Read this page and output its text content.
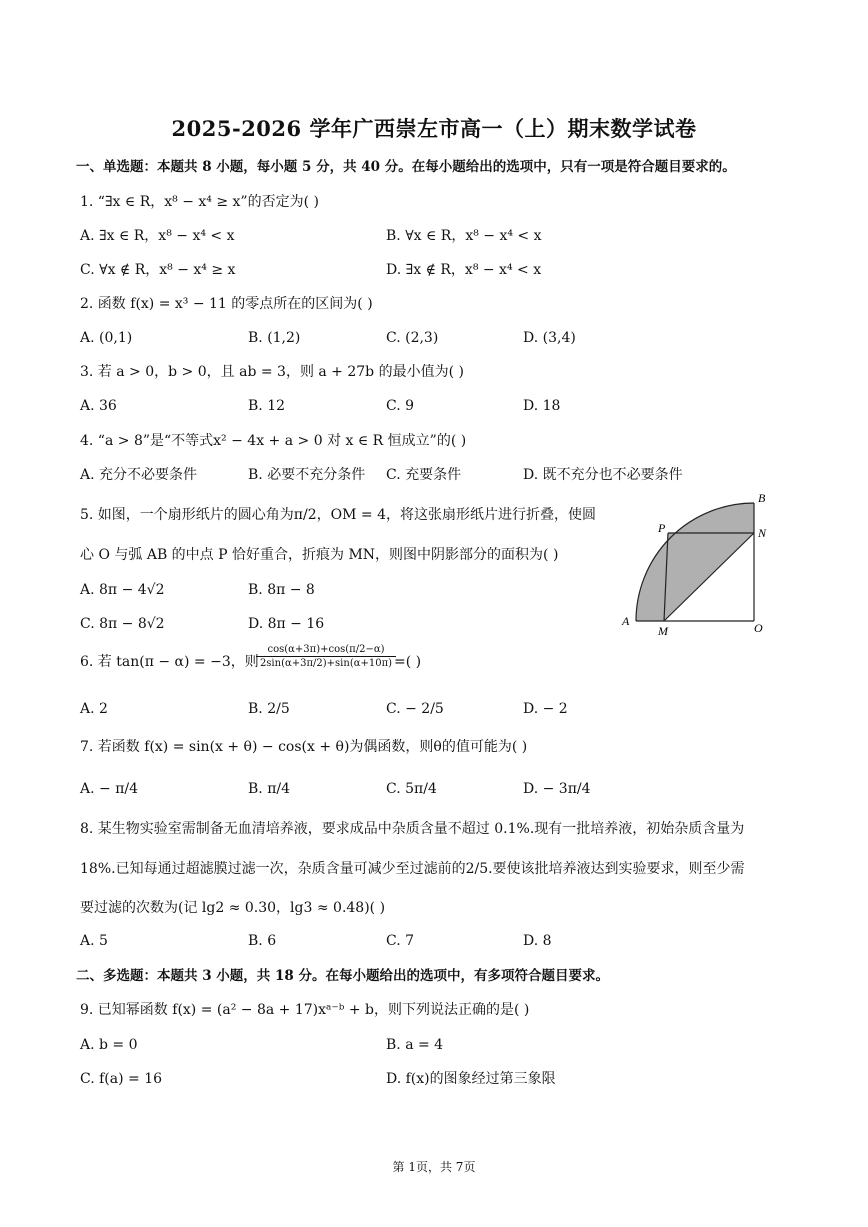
2025-2026 学年广西崇左市高一（上）期末数学试卷
一、单选题：本题共 8 小题，每小题 5 分，共 40 分。在每小题给出的选项中，只有一项是符合题目要求的。
1. “∃x ∈ R，x⁸ − x⁴ ≥ x”的否定为( )
A. ∃x ∈ R，x⁸ − x⁴ < x	B. ∀x ∈ R，x⁸ − x⁴ < x
C. ∀x ∉ R，x⁸ − x⁴ ≥ x	D. ∃x ∉ R，x⁸ − x⁴ < x
2. 函数 f(x) = x³ − 11 的零点所在的区间为( )
A. (0,1)	B. (1,2)	C. (2,3)	D. (3,4)
3. 若 a > 0，b > 0，且 ab = 3，则 a + 27b 的最小值为( )
A. 36	B. 12	C. 9	D. 18
4. “a > 8”是“不等式x² − 4x + a > 0 对 x ∈ R 恒成立”的( )
A. 充分不必要条件	B. 必要不充分条件 C. 充要条件	D. 既不充分也不必要条件
5. 如图，一个扇形纸片的圆心角为π/2，OM = 4，将这张扇形纸片进行折叠，使圆
心 O 与弧 AB 的中点 P 恰好重合，折痕为 MN，则图中阴影部分的面积为( )
A. 8π − 4√2	B. 8π − 8
C. 8π − 8√2	D. 8π − 16
B
P	N
A
M	O
6. 若 tan(π − α) = −3，则
$\frac{\cos(\alpha+3\pi)+\cos(\pi/2-\alpha)}{2\sin(\alpha+3\pi/2)+\sin(\alpha+10\pi)}$
=( )
A. 2	B. 2/5	C. − 2/5	D. − 2
7. 若函数 f(x) = sin(x + θ) − cos(x + θ)为偶函数，则θ的值可能为( )
A. − π/4	B. π/4	C. 5π/4	D. − 3π/4
8. 某生物实验室需制备无血清培养液，要求成品中杂质含量不超过 0.1%.现有一批培养液，初始杂质含量为
18%.已知每通过超滤膜过滤一次，杂质含量可减少至过滤前的2/5.要使该批培养液达到实验要求，则至少需
要过滤的次数为(记 lg2 ≈ 0.30，lg3 ≈ 0.48)( )
A. 5	B. 6	C. 7	D. 8
二、多选题：本题共 3 小题，共 18 分。在每小题给出的选项中，有多项符合题目要求。
9. 已知幂函数 f(x) = (a² − 8a + 17)xᵃ⁻ᵇ + b，则下列说法正确的是( )
A. b = 0	B. a = 4
C. f(a) = 16	D. f(x)的图象经过第三象限
第 1页，共 7页
